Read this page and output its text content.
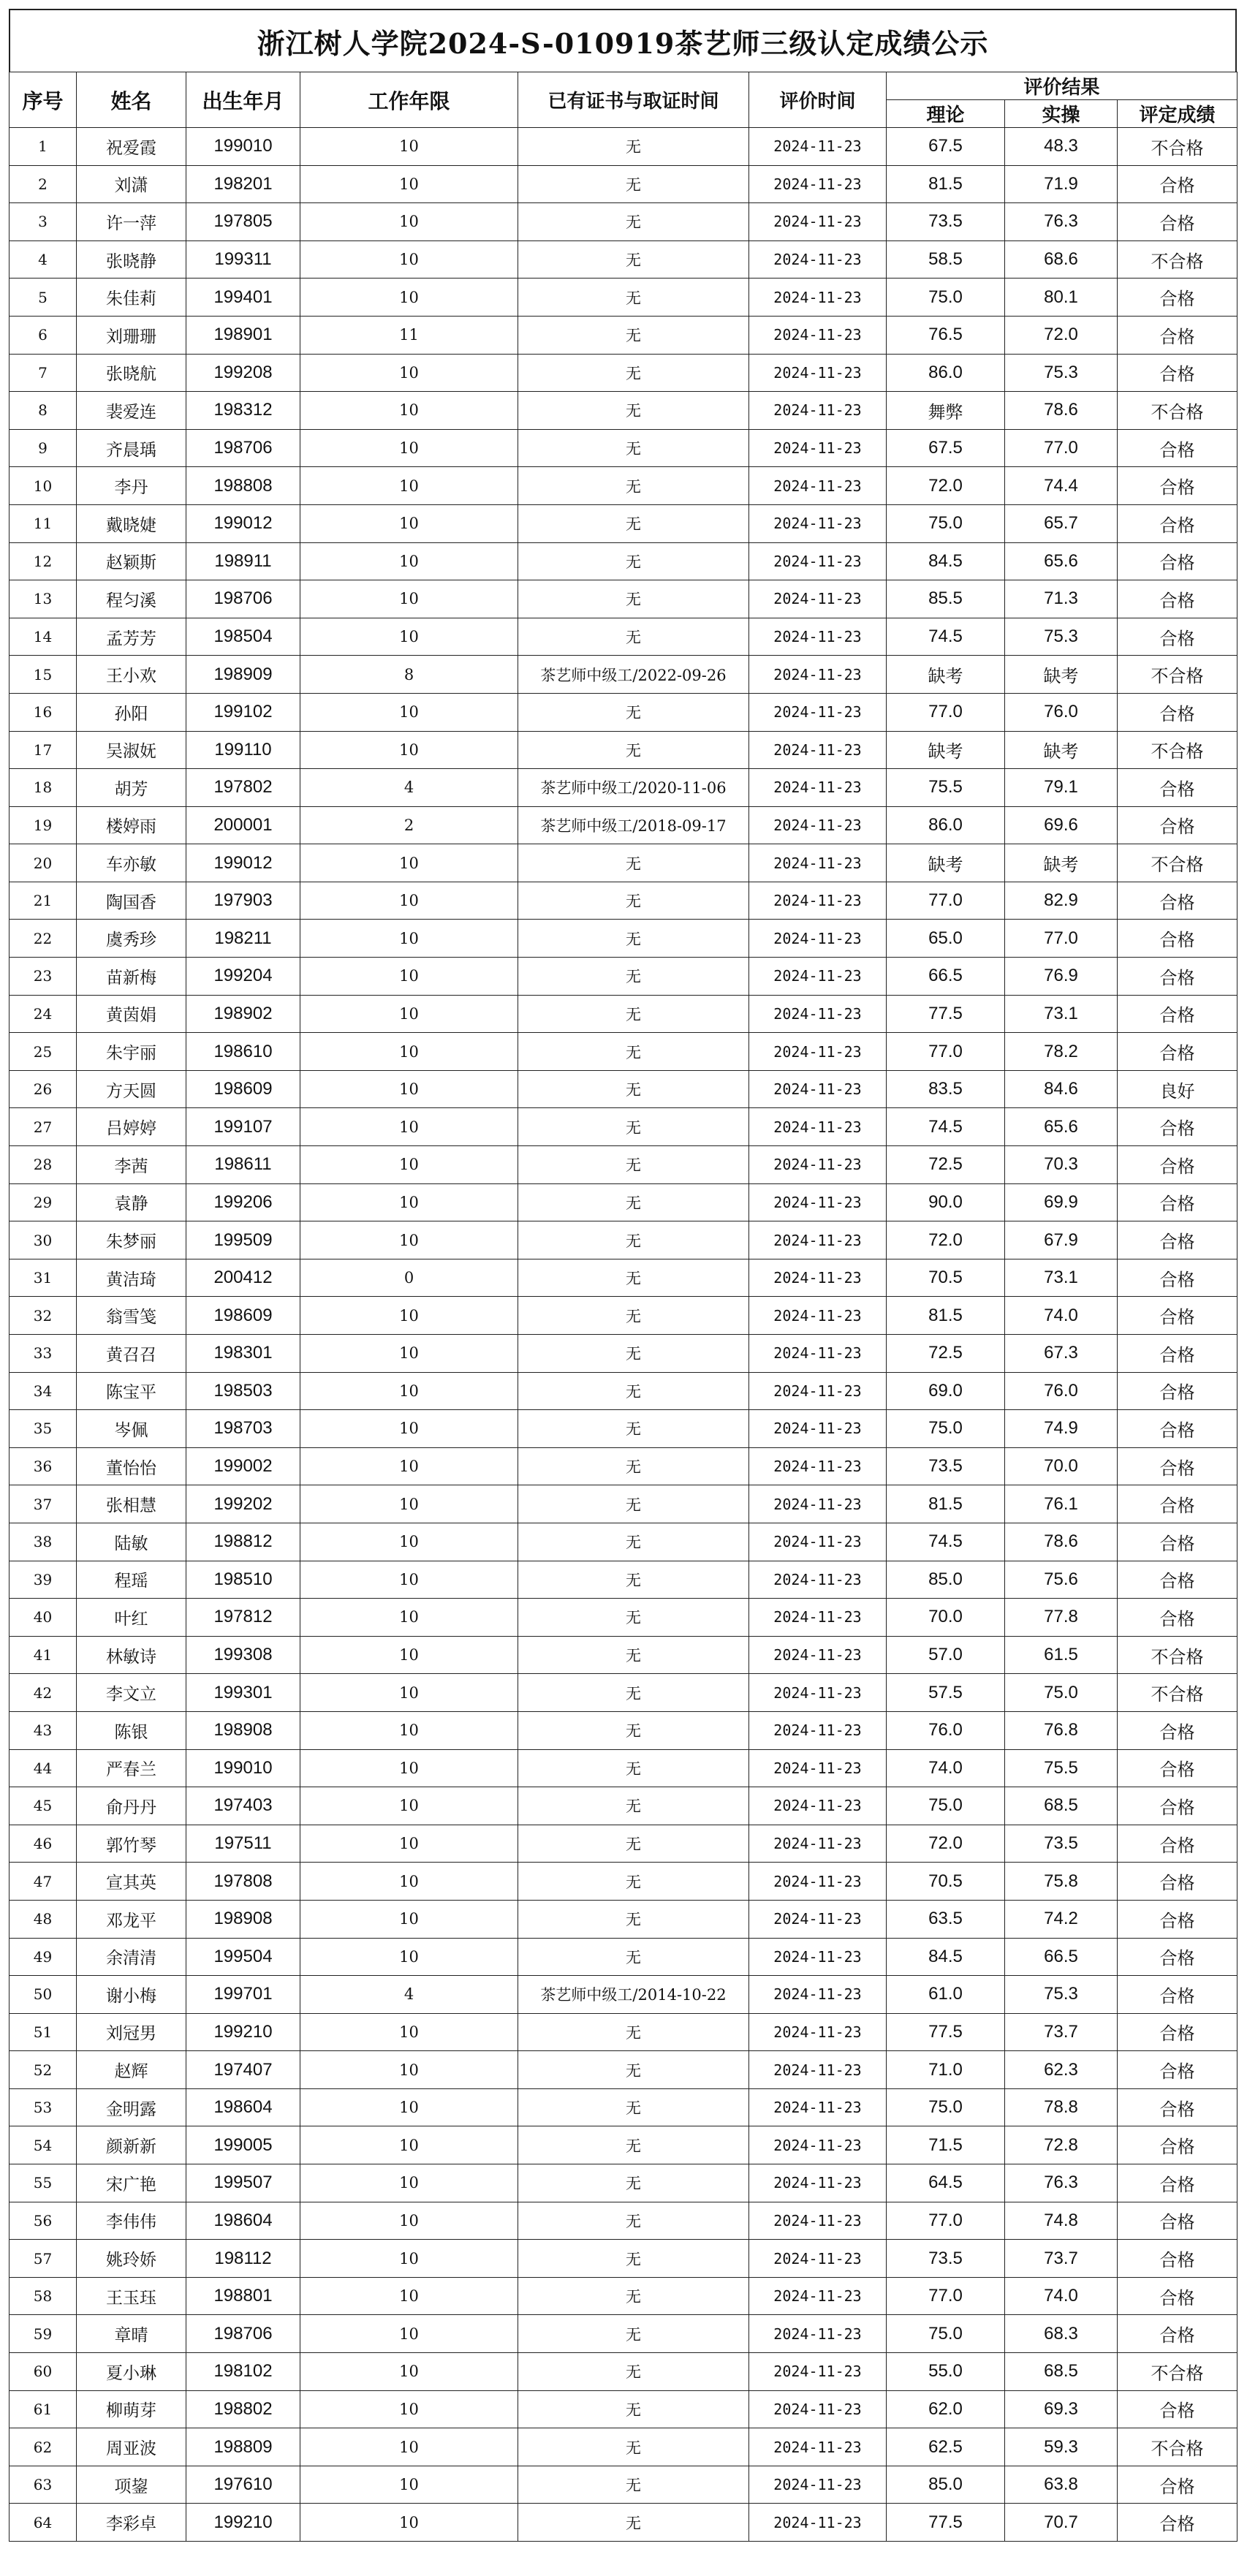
浙江树人学院2024-S-010919茶艺师三级认定成绩公示
序号	姓名	出生年月	工作年限	已有证书与取证时间	评价时间	评价结果		
						理论	实操	评定成绩
1	祝爱霞	199010	10	无	2024-11-23	67.5	48.3	不合格
2	刘潇	198201	10	无	2024-11-23	81.5	71.9	合格
3	许一萍	197805	10	无	2024-11-23	73.5	76.3	合格
4	张晓静	199311	10	无	2024-11-23	58.5	68.6	不合格
5	朱佳莉	199401	10	无	2024-11-23	75.0	80.1	合格
6	刘珊珊	198901	11	无	2024-11-23	76.5	72.0	合格
7	张晓航	199208	10	无	2024-11-23	86.0	75.3	合格
8	裴爱连	198312	10	无	2024-11-23	舞弊	78.6	不合格
9	齐晨瑀	198706	10	无	2024-11-23	67.5	77.0	合格
10	李丹	198808	10	无	2024-11-23	72.0	74.4	合格
11	戴晓婕	199012	10	无	2024-11-23	75.0	65.7	合格
12	赵颖斯	198911	10	无	2024-11-23	84.5	65.6	合格
13	程匀溪	198706	10	无	2024-11-23	85.5	71.3	合格
14	孟芳芳	198504	10	无	2024-11-23	74.5	75.3	合格
15	王小欢	198909	8	茶艺师中级工/2022-09-26	2024-11-23	缺考	缺考	不合格
16	孙阳	199102	10	无	2024-11-23	77.0	76.0	合格
17	吴淑妩	199110	10	无	2024-11-23	缺考	缺考	不合格
18	胡芳	197802	4	茶艺师中级工/2020-11-06	2024-11-23	75.5	79.1	合格
19	楼婷雨	200001	2	茶艺师中级工/2018-09-17	2024-11-23	86.0	69.6	合格
20	车亦敏	199012	10	无	2024-11-23	缺考	缺考	不合格
21	陶国香	197903	10	无	2024-11-23	77.0	82.9	合格
22	虞秀珍	198211	10	无	2024-11-23	65.0	77.0	合格
23	苗新梅	199204	10	无	2024-11-23	66.5	76.9	合格
24	黄茵娟	198902	10	无	2024-11-23	77.5	73.1	合格
25	朱宇丽	198610	10	无	2024-11-23	77.0	78.2	合格
26	方天圆	198609	10	无	2024-11-23	83.5	84.6	良好
27	吕婷婷	199107	10	无	2024-11-23	74.5	65.6	合格
28	李茜	198611	10	无	2024-11-23	72.5	70.3	合格
29	袁静	199206	10	无	2024-11-23	90.0	69.9	合格
30	朱梦丽	199509	10	无	2024-11-23	72.0	67.9	合格
31	黄洁琦	200412	0	无	2024-11-23	70.5	73.1	合格
32	翁雪笺	198609	10	无	2024-11-23	81.5	74.0	合格
33	黄召召	198301	10	无	2024-11-23	72.5	67.3	合格
34	陈宝平	198503	10	无	2024-11-23	69.0	76.0	合格
35	岑佩	198703	10	无	2024-11-23	75.0	74.9	合格
36	董怡怡	199002	10	无	2024-11-23	73.5	70.0	合格
37	张相慧	199202	10	无	2024-11-23	81.5	76.1	合格
38	陆敏	198812	10	无	2024-11-23	74.5	78.6	合格
39	程瑶	198510	10	无	2024-11-23	85.0	75.6	合格
40	叶红	197812	10	无	2024-11-23	70.0	77.8	合格
41	林敏诗	199308	10	无	2024-11-23	57.0	61.5	不合格
42	李文立	199301	10	无	2024-11-23	57.5	75.0	不合格
43	陈银	198908	10	无	2024-11-23	76.0	76.8	合格
44	严春兰	199010	10	无	2024-11-23	74.0	75.5	合格
45	俞丹丹	197403	10	无	2024-11-23	75.0	68.5	合格
46	郭竹琴	197511	10	无	2024-11-23	72.0	73.5	合格
47	宣其英	197808	10	无	2024-11-23	70.5	75.8	合格
48	邓龙平	198908	10	无	2024-11-23	63.5	74.2	合格
49	余清清	199504	10	无	2024-11-23	84.5	66.5	合格
50	谢小梅	199701	4	茶艺师中级工/2014-10-22	2024-11-23	61.0	75.3	合格
51	刘冠男	199210	10	无	2024-11-23	77.5	73.7	合格
52	赵辉	197407	10	无	2024-11-23	71.0	62.3	合格
53	金明露	198604	10	无	2024-11-23	75.0	78.8	合格
54	颜新新	199005	10	无	2024-11-23	71.5	72.8	合格
55	宋广艳	199507	10	无	2024-11-23	64.5	76.3	合格
56	李伟伟	198604	10	无	2024-11-23	77.0	74.8	合格
57	姚玲娇	198112	10	无	2024-11-23	73.5	73.7	合格
58	王玉珏	198801	10	无	2024-11-23	77.0	74.0	合格
59	章晴	198706	10	无	2024-11-23	75.0	68.3	合格
60	夏小琳	198102	10	无	2024-11-23	55.0	68.5	不合格
61	柳萌芽	198802	10	无	2024-11-23	62.0	69.3	合格
62	周亚波	198809	10	无	2024-11-23	62.5	59.3	不合格
63	项鋆	197610	10	无	2024-11-23	85.0	63.8	合格
64	李彩卓	199210	10	无	2024-11-23	77.5	70.7	合格
